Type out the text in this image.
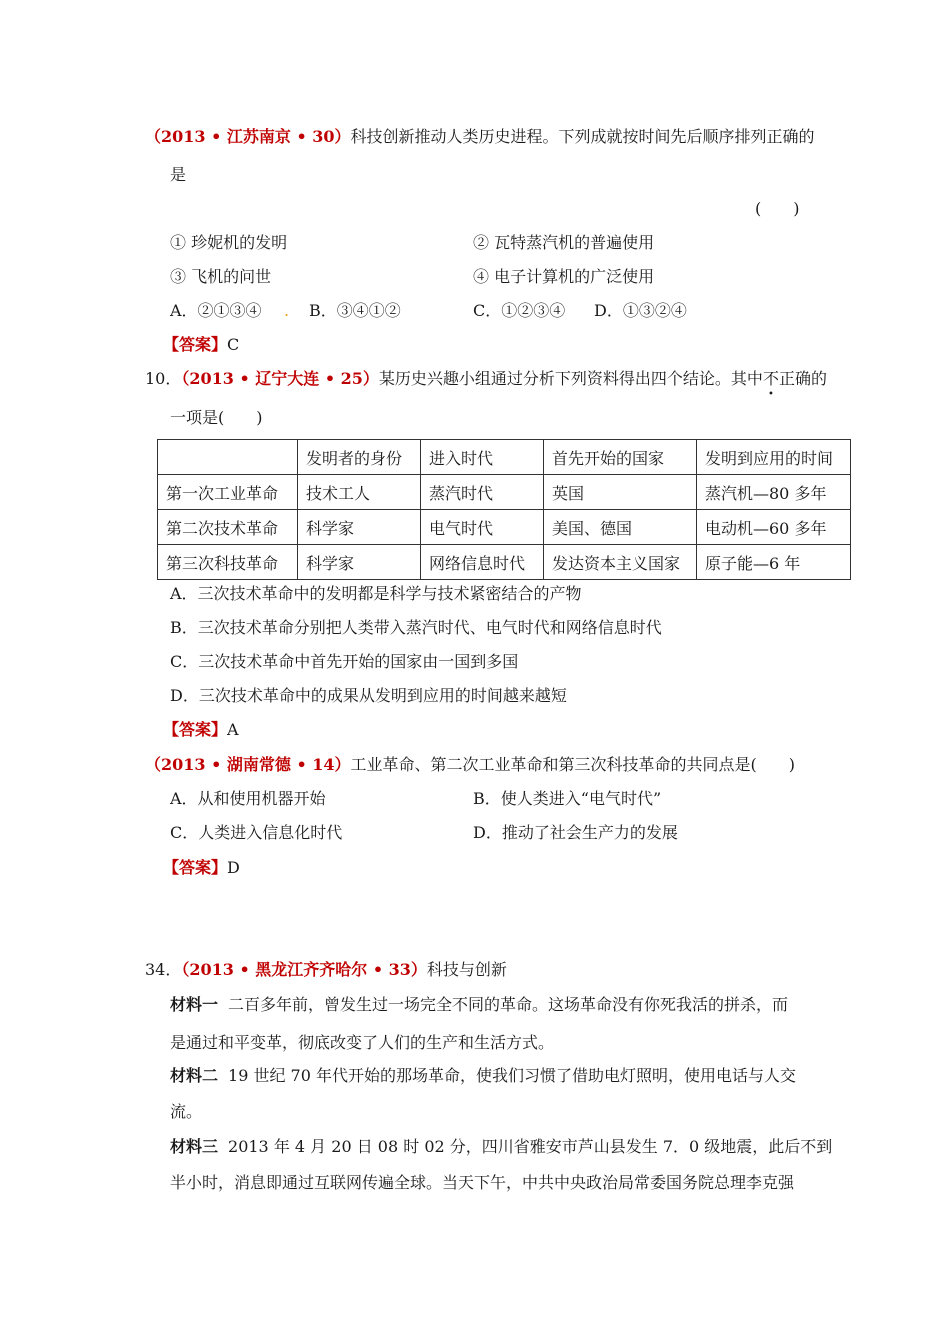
（2013 • 江苏南京 • 30）科技创新推动人类历史进程。下列成就按时间先后顺序排列正确的
是
(　　)
① 珍妮机的发明	② 瓦特蒸汽机的普遍使用
③ 飞机的问世	④ 电子计算机的广泛使用
A．②①③④ . B．③④①②	C．①②③④ D．①③②④
【答案】C
10．（2013 • 辽宁大连 • 25）某历史兴趣小组通过分析下列资料得出四个结论。其中不正确的
一项是(　　)
	发明者的身份	进入时代	首先开始的国家	发明到应用的时间
第一次工业革命	技术工人	蒸汽时代	英国	蒸汽机—80 多年
第二次技术革命	科学家	电气时代	美国、德国	电动机—60 多年
第三次科技革命	科学家	网络信息时代	发达资本主义国家	原子能—6 年
A．三次技术革命中的发明都是科学与技术紧密结合的产物
B．三次技术革命分别把人类带入蒸汽时代、电气时代和网络信息时代
C．三次技术革命中首先开始的国家由一国到多国
D．三次技术革命中的成果从发明到应用的时间越来越短
【答案】A
（2013 • 湖南常德 • 14）工业革命、第二次工业革命和第三次科技革命的共同点是(　　)
A．从和使用机器开始	B．使人类进入“电气时代”
C．人类进入信息化时代	D．推动了社会生产力的发展
【答案】D
34．（2013 • 黑龙江齐齐哈尔 • 33）科技与创新
材料一 二百多年前，曾发生过一场完全不同的革命。这场革命没有你死我活的拼杀，而
是通过和平变革，彻底改变了人们的生产和生活方式。
材料二 19 世纪 70 年代开始的那场革命，使我们习惯了借助电灯照明，使用电话与人交
流。
材料三 2013 年 4 月 20 日 08 时 02 分，四川省雅安市芦山县发生 7．0 级地震，此后不到
半小时，消息即通过互联网传遍全球。当天下午，中共中央政治局常委国务院总理李克强
